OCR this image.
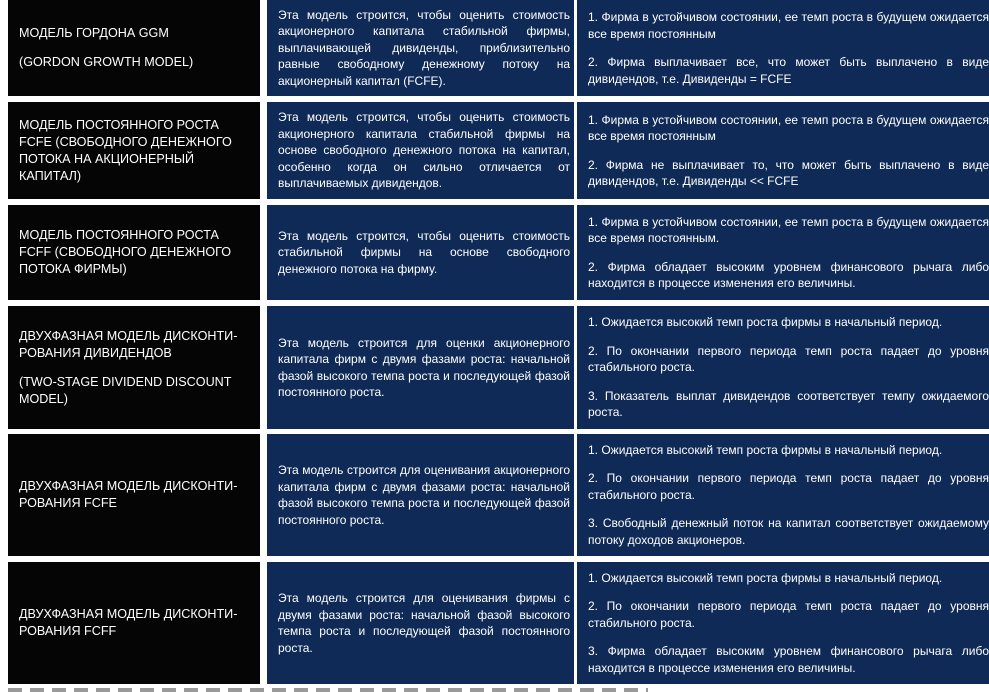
МОДЕЛЬ ГОРДОНА GGM

(GORDON GROWTH MODEL)

Эта модель строится, чтобы оценить стоимость акционерного капитала стабильной фирмы, выплачивающей дивиденды, приблизительно равные свободному денежному потоку на акционерный капитал (FCFE).

1. Фирма в устойчивом состоянии, ее темп роста в будущем ожидается все время постоянным

2. Фирма выплачивает все, что может быть выплачено в виде дивидендов, т.е. Дивиденды = FCFE

МОДЕЛЬ ПОСТОЯННОГО РОСТА FCFE (СВОБОДНОГО ДЕНЕЖНОГО ПОТОКА НА АКЦИОНЕРНЫЙ КАПИТАЛ)

Эта модель строится, чтобы оценить стоимость акционерного капитала стабильной фирмы на основе свободного денежного потока на капитал, особенно когда он сильно отличается от выплачиваемых дивидендов.

1. Фирма в устойчивом состоянии, ее темп роста в будущем ожидается все время постоянным

2. Фирма не выплачивает то, что может быть выплачено в виде дивидендов, т.е. Дивиденды << FCFE

МОДЕЛЬ ПОСТОЯННОГО РОСТА FCFF (СВОБОДНОГО ДЕНЕЖНОГО ПОТОКА ФИРМЫ)

Эта модель строится, чтобы оценить стоимость стабильной фирмы на основе свободного денежного потока на фирму.

1. Фирма в устойчивом состоянии, ее темп роста в будущем ожидается все время постоянным.

2. Фирма обладает высоким уровнем финансового рычага либо находится в процессе изменения его величины.

ДВУХФАЗНАЯ МОДЕЛЬ ДИСКОНТИ-РОВАНИЯ ДИВИДЕНДОВ

(TWO-STAGE DIVIDEND DISCOUNT MODEL)

Эта модель строится для оценки акционерного капитала фирм с двумя фазами роста: начальной фазой высокого темпа роста и последующей фазой постоянного роста.

1. Ожидается высокий темп роста фирмы в начальный период.

2. По окончании первого периода темп роста падает до уровня стабильного роста.

3. Показатель выплат дивидендов соответствует темпу ожидаемого роста.

ДВУХФАЗНАЯ МОДЕЛЬ ДИСКОНТИ-РОВАНИЯ FCFE

Эта модель строится для оценивания акционерного капитала фирм с двумя фазами роста: начальной фазой высокого темпа роста и последующей фазой постоянного роста.

1. Ожидается высокий темп роста фирмы в начальный период.

2. По окончании первого периода темп роста падает до уровня стабильного роста.

3. Свободный денежный поток на капитал соответствует ожидаемому потоку доходов акционеров.

ДВУХФАЗНАЯ МОДЕЛЬ ДИСКОНТИ-РОВАНИЯ FCFF

Эта модель строится для оценивания фирмы с двумя фазами роста: начальной фазой высокого темпа роста и последующей фазой постоянного роста.

1. Ожидается высокий темп роста фирмы в начальный период.

2. По окончании первого периода темп роста падает до уровня стабильного роста.

3. Фирма обладает высоким уровнем финансового рычага либо находится в процессе изменения его величины.
